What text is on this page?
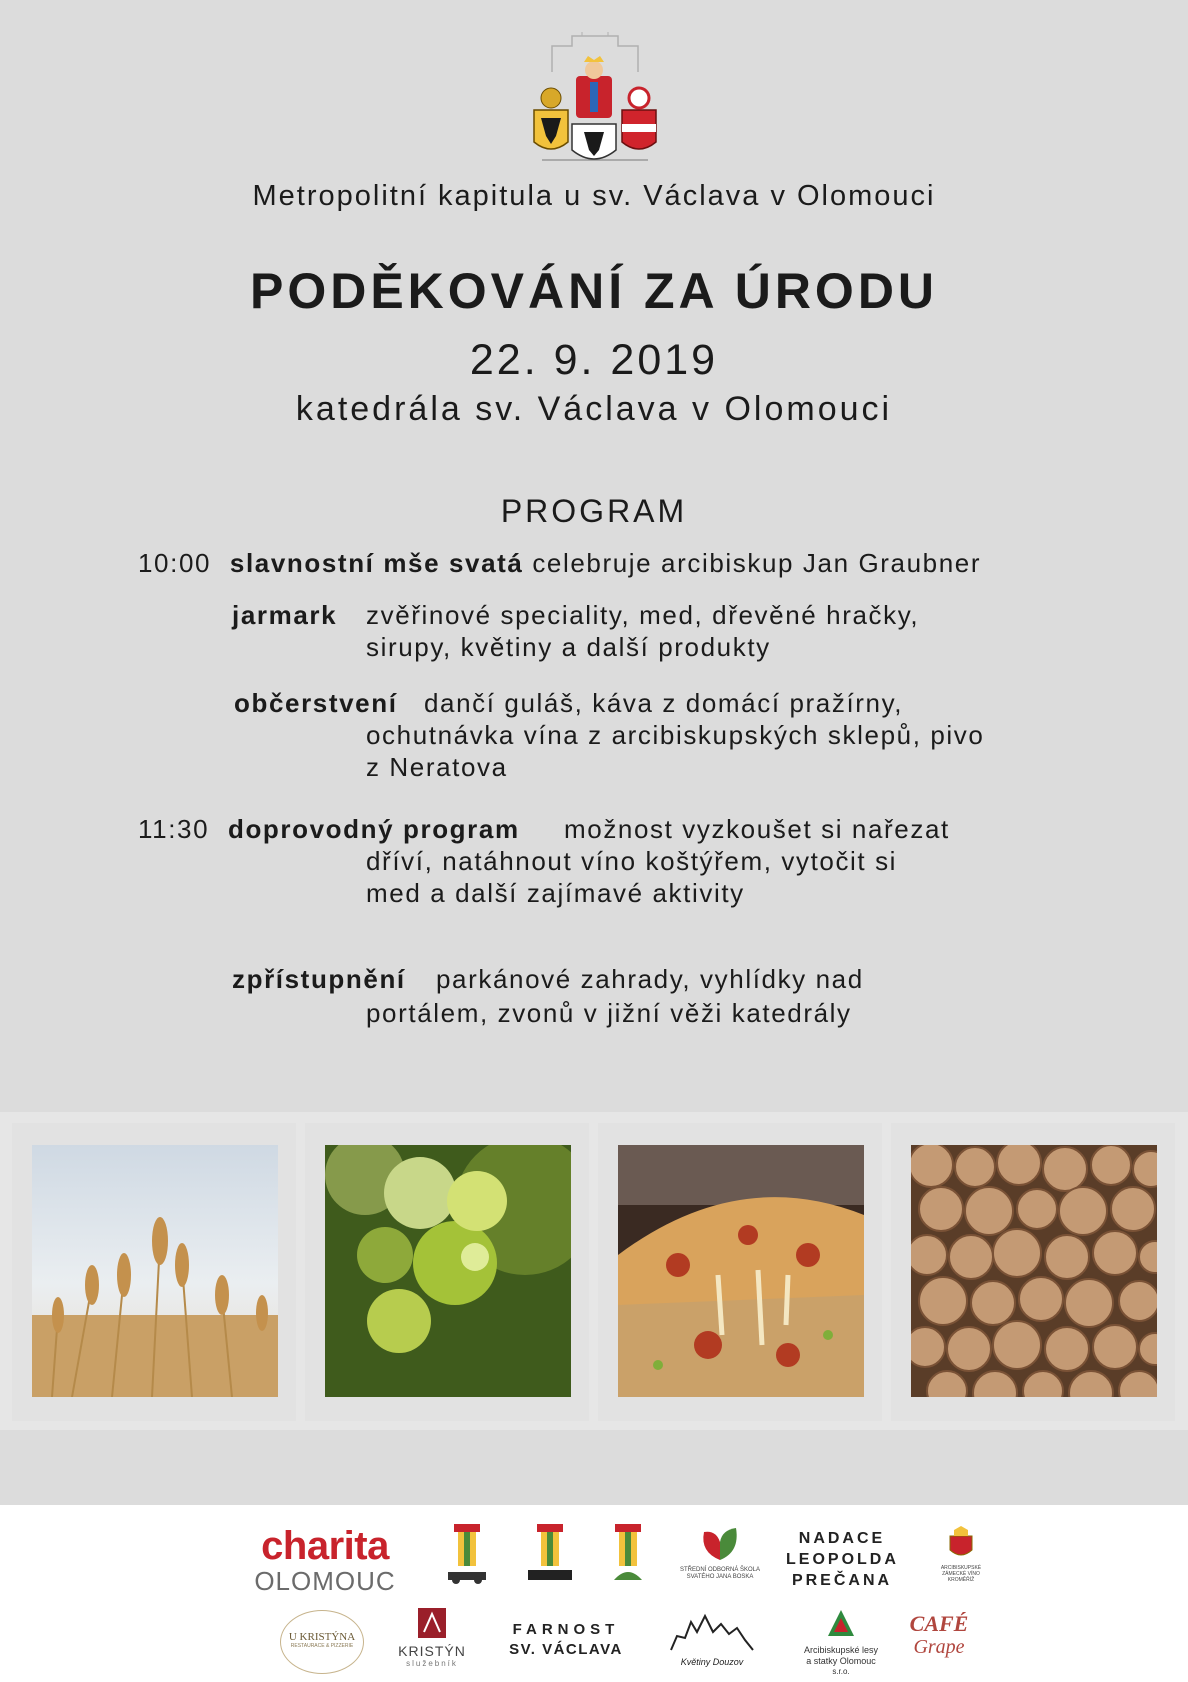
Metropolitní kapitula u sv. Václava v Olomouci
PODĚKOVÁNÍ ZA ÚRODU
22. 9. 2019
katedrála sv. Václava v Olomouci
PROGRAM
10:00 slavnostní mše svatá celebruje arcibiskup Jan Graubner
jarmark zvěřinové speciality, med, dřevěné hračky,
sirupy, květiny a další produkty
občerstvení dančí guláš, káva z domácí pražírny,
ochutnávka vína z arcibiskupských sklepů, pivo
z Neratova
11:30 doprovodný program možnost vyzkoušet si nařezat
dříví, natáhnout víno koštýřem, vytočit si
med a další zajímavé aktivity
zpřístupnění parkánové zahrady, vyhlídky nad
portálem, zvonů v jižní věži katedrály
charita
OLOMOUC	STŘEDNÍ ODBORNÁ ŠKOLA
SVATÉHO JANA BOSKA
NADACE
LEOPOLDA
PREČANA
ARCIBISKUPSKÉ
ZÁMECKÉ VÍNO
KROMĚŘÍŽ
U KRISTÝNA
RESTAURACE & PIZZERIE	KRISTÝN
služebník
FARNOST
SV. VÁCLAVA
Květiny Douzov
Arcibiskupské lesy
a statky Olomouc
s.r.o.
CAFÉ
Grape
